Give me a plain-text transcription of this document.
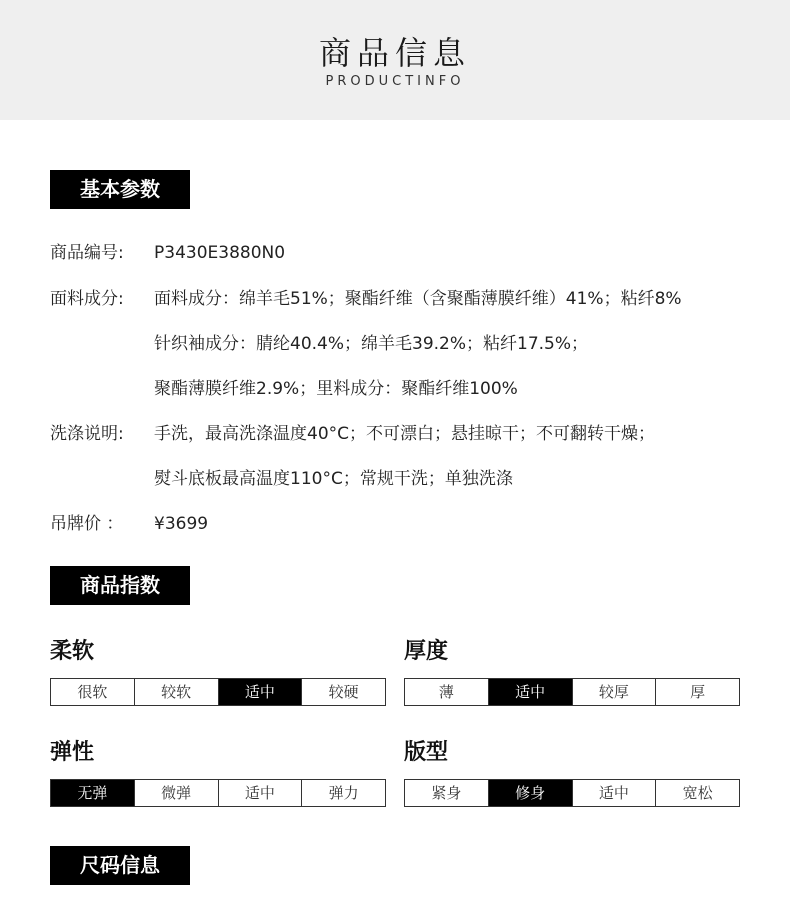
商品信息
PRODUCTINFO
基本参数
商品编号: P3430E3880N0
面料成分: 面料成分：绵羊毛51%；聚酯纤维（含聚酯薄膜纤维）41%；粘纤8%
针织袖成分：腈纶40.4%；绵羊毛39.2%；粘纤17.5%；
聚酯薄膜纤维2.9%；里料成分：聚酯纤维100%
洗涤说明: 手洗，最高洗涤温度40°C；不可漂白；悬挂晾干；不可翻转干燥；
熨斗底板最高温度110°C；常规干洗；单独洗涤
吊牌价 ： ¥3699
商品指数
柔软
很软	较软	适中	较硬
厚度
薄	适中	较厚	厚
弹性
无弹	微弹	适中	弹力
版型
紧身	修身	适中	宽松
尺码信息
